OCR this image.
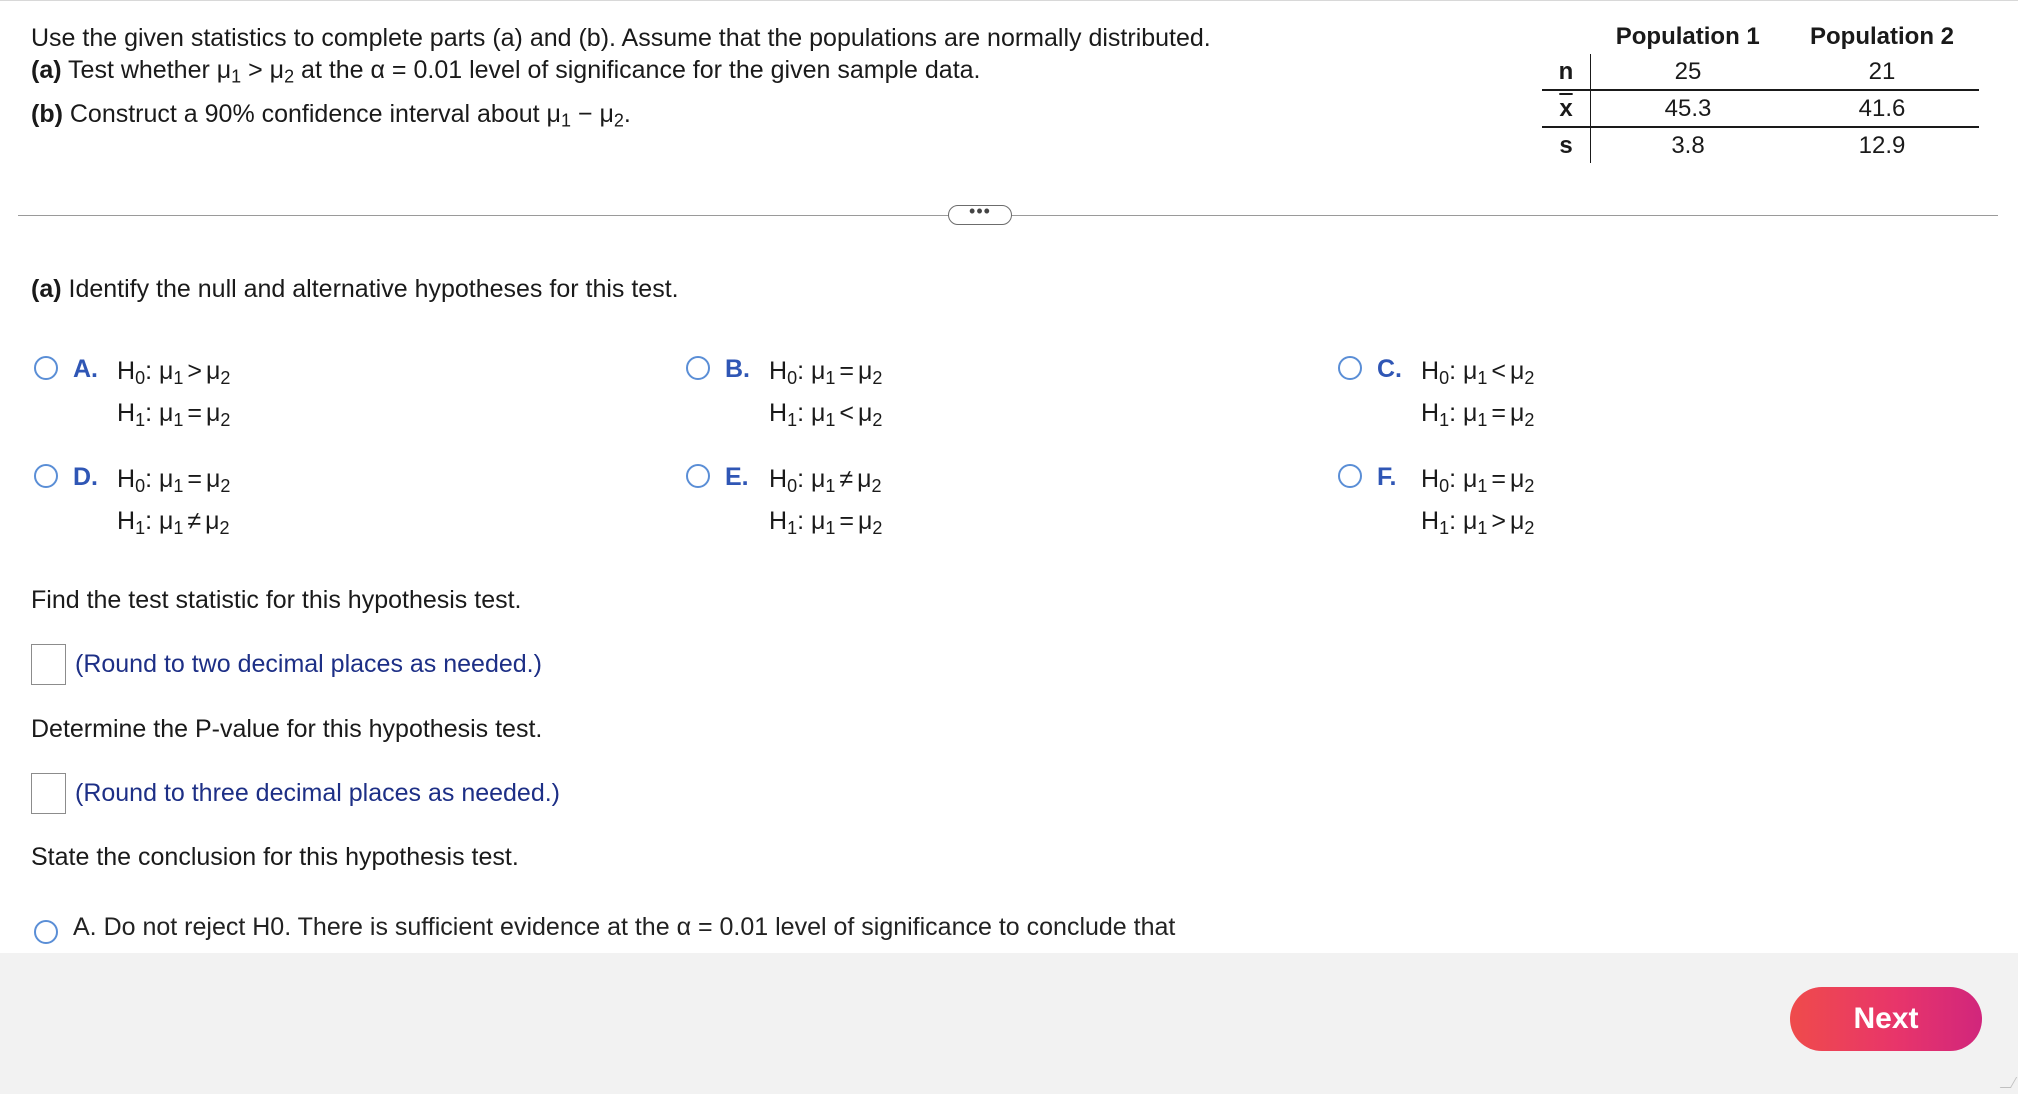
Use the given statistics to complete parts (a) and (b). Assume that the populations are normally distributed.
(a) Test whether $\mu_1 > \mu_2$ at the α = 0.01 level of significance for the given sample data.
(b) Construct a 90% confidence interval about $\mu_1 - \mu_2$.
	Population 1	Population 2
n	25	21
$\overline{x}$	45.3	41.6
s	3.8	12.9
•••
(a) Identify the null and alternative hypotheses for this test.
A. H0: μ1 > μ2
H1: μ1 = μ2
B. H0: μ1 = μ2
H1: μ1 < μ2
C. H0: μ1 < μ2
H1: μ1 = μ2
D. H0: μ1 = μ2
H1: μ1 ≠ μ2
E. H0: μ1 ≠ μ2
H1: μ1 = μ2
F. H0: μ1 = μ2
H1: μ1 > μ2
Find the test statistic for this hypothesis test.
(Round to two decimal places as needed.)
Determine the P-value for this hypothesis test.
(Round to three decimal places as needed.)
State the conclusion for this hypothesis test.
A. Do not reject H0. There is sufficient evidence at the α = 0.01 level of significance to conclude that
Next
